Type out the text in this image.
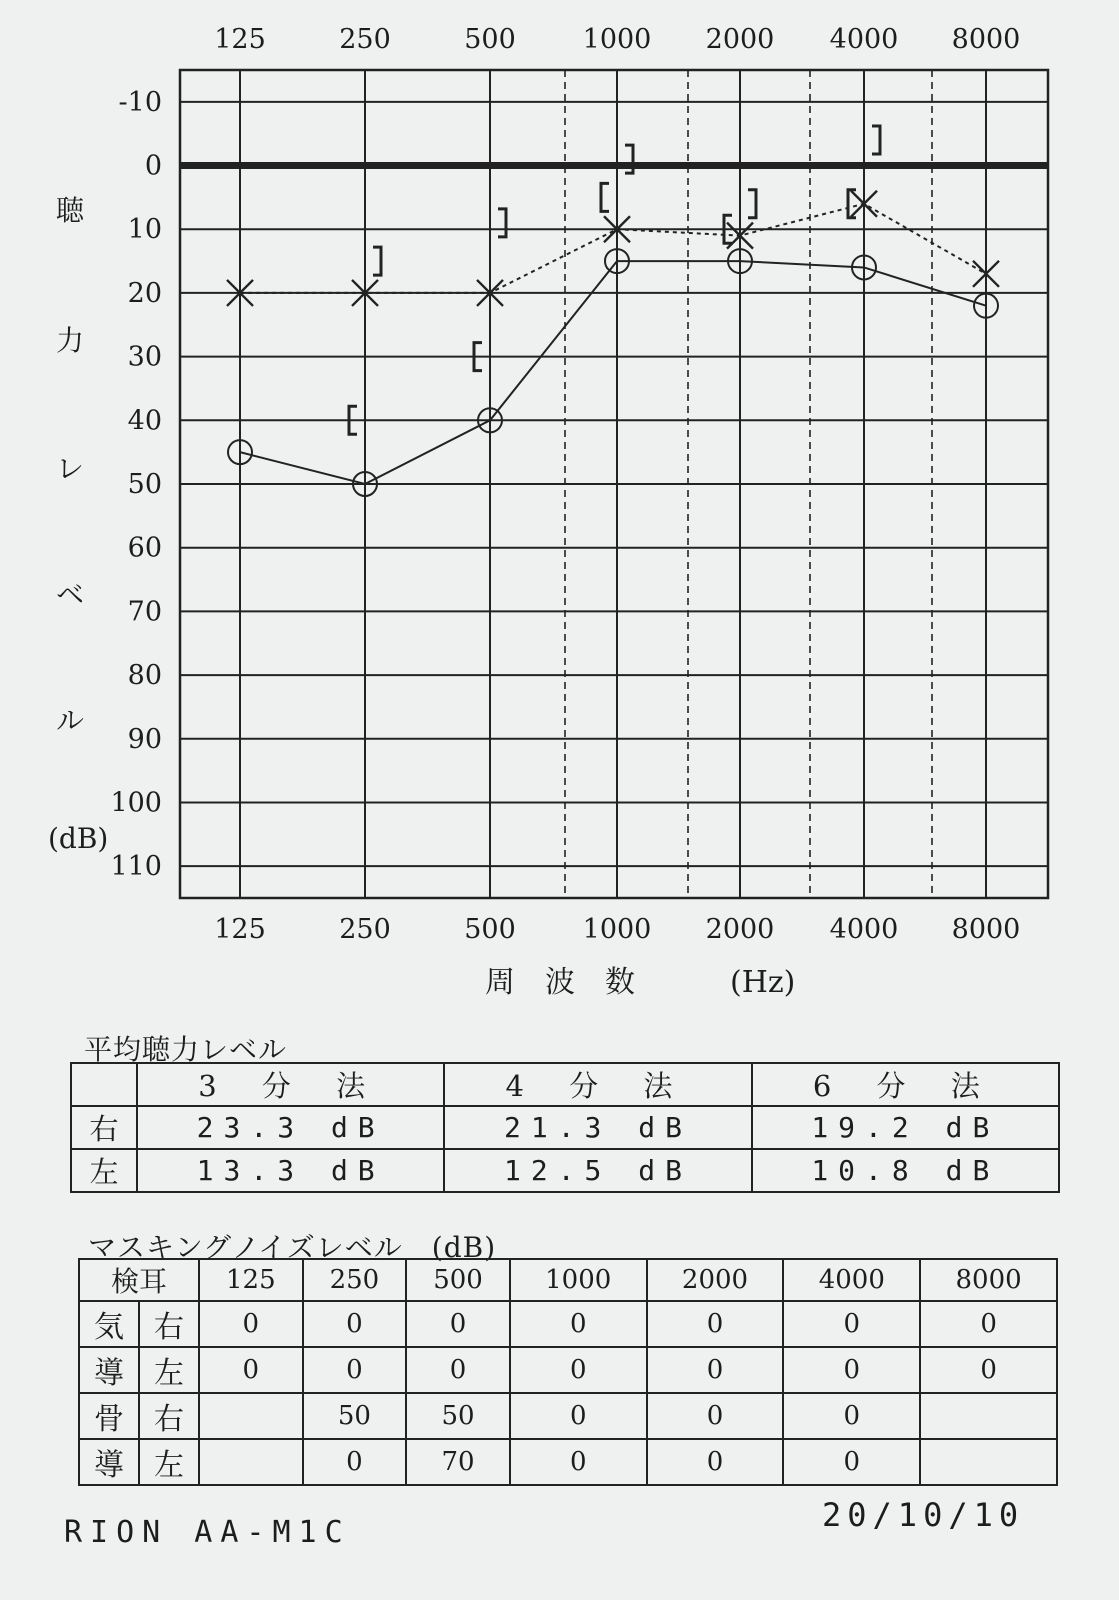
-10
0
10
20
30
40
50
60
70
80
90
100
110
125	250	500 1000 2000 4000 8000
125	250	500 1000 2000 4000 8000
聴
力
レ
ベ
ル
(dB)
周　波　数	(Hz)
平均聴力レベル
	3 分 法	4 分 法	6 分 法
右	23.3 dB	21.3 dB	19.2 dB
左	13.3 dB	12.5 dB	10.8 dB
マスキングノイズレベル　(dB)
検耳		125	250	500	1000	2000	4000	8000
気	右	0	0	0	0	0	0	0
導	左	0	0	0	0	0	0	0
骨	右		50	50	0	0	0	
導	左		0	70	0	0	0	
RION AA-M1C	20/10/10
